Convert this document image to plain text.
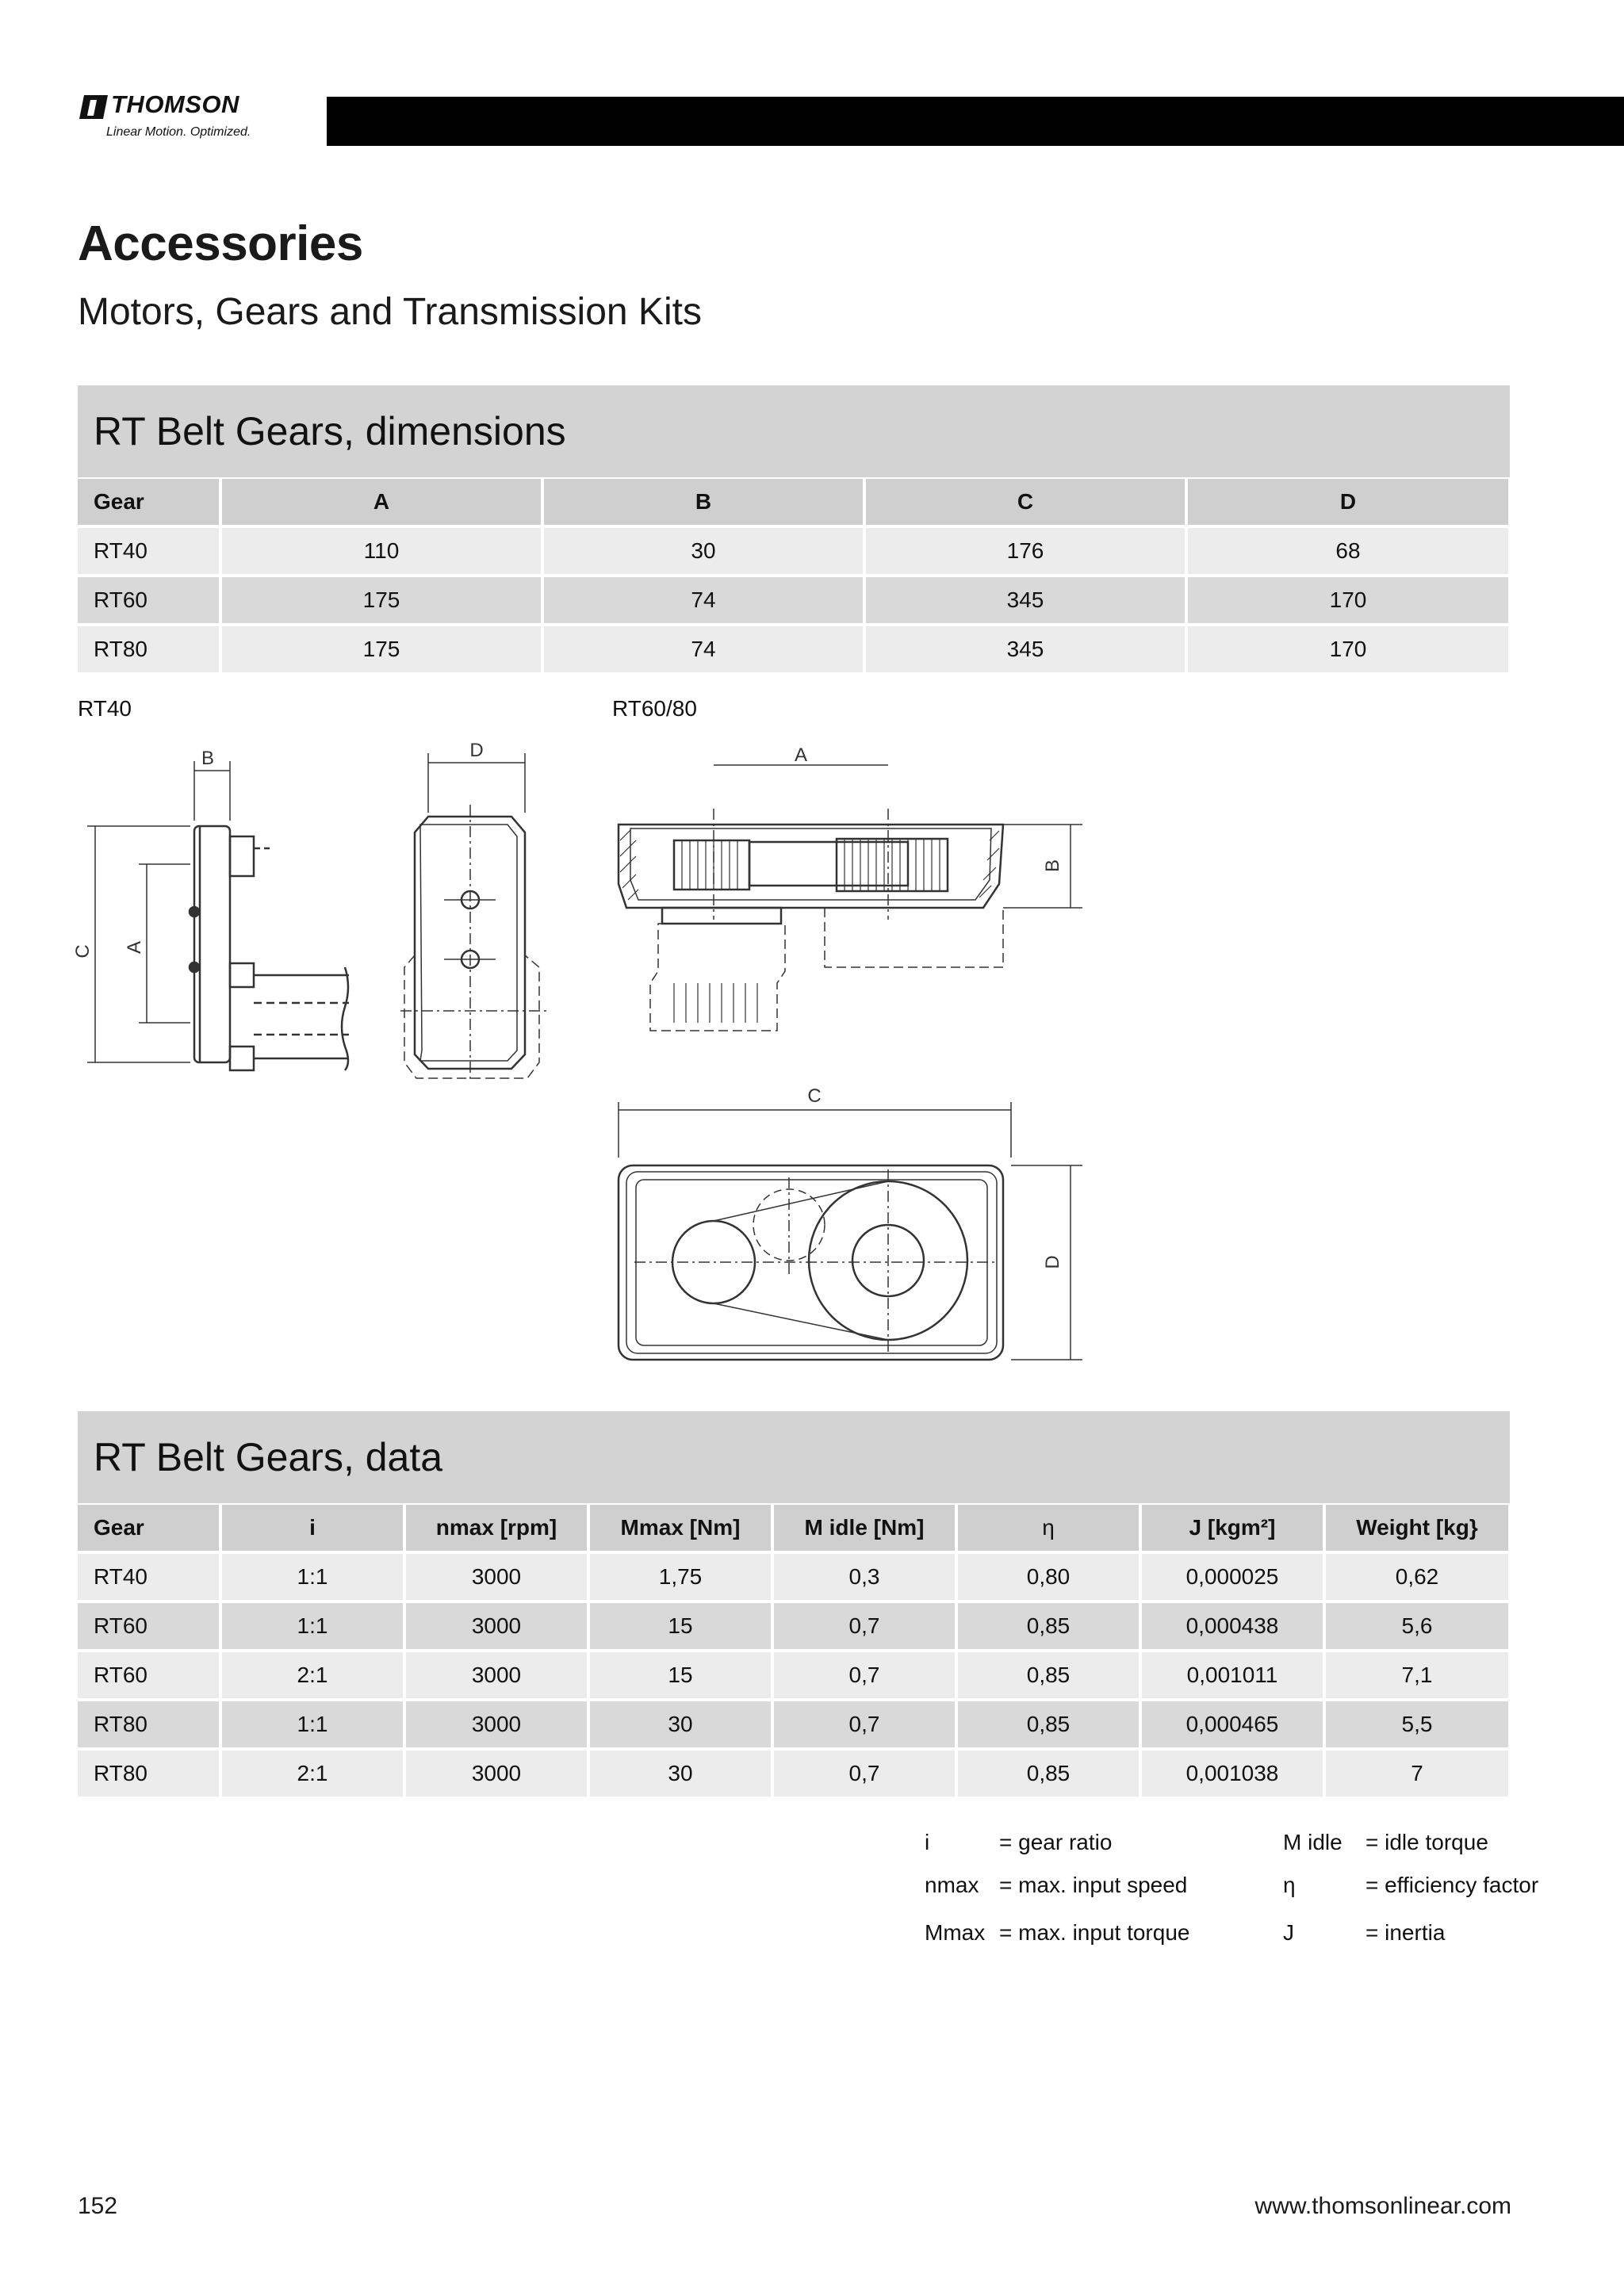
THOMSON
Linear Motion. Optimized.
Accessories
Motors, Gears and Transmission Kits
RT Belt Gears, dimensions
Gear	A	B	C	D
RT40	110	30	176	68
RT60	175	74	345	170
RT80	175	74	345	170
RT40	RT60/80
B
C A
D	A
B
C
D
RT Belt Gears, data
Gear	i	nmax [rpm]	Mmax [Nm]	M idle [Nm]	η	J [kgm²]	Weight [kg}
RT40	1:1	3000	1,75	0,3	0,80	0,000025	0,62
RT60	1:1	3000	15	0,7	0,85	0,000438	5,6
RT60	2:1	3000	15	0,7	0,85	0,001011	7,1
RT80	1:1	3000	30	0,7	0,85	0,000465	5,5
RT80	2:1	3000	30	0,7	0,85	0,001038	7
i	= gear ratio
nmax = max. input speed
Mmax = max. input torque
M idle = idle torque
η	= efficiency factor
J	= inertia
152	www.thomsonlinear.com
